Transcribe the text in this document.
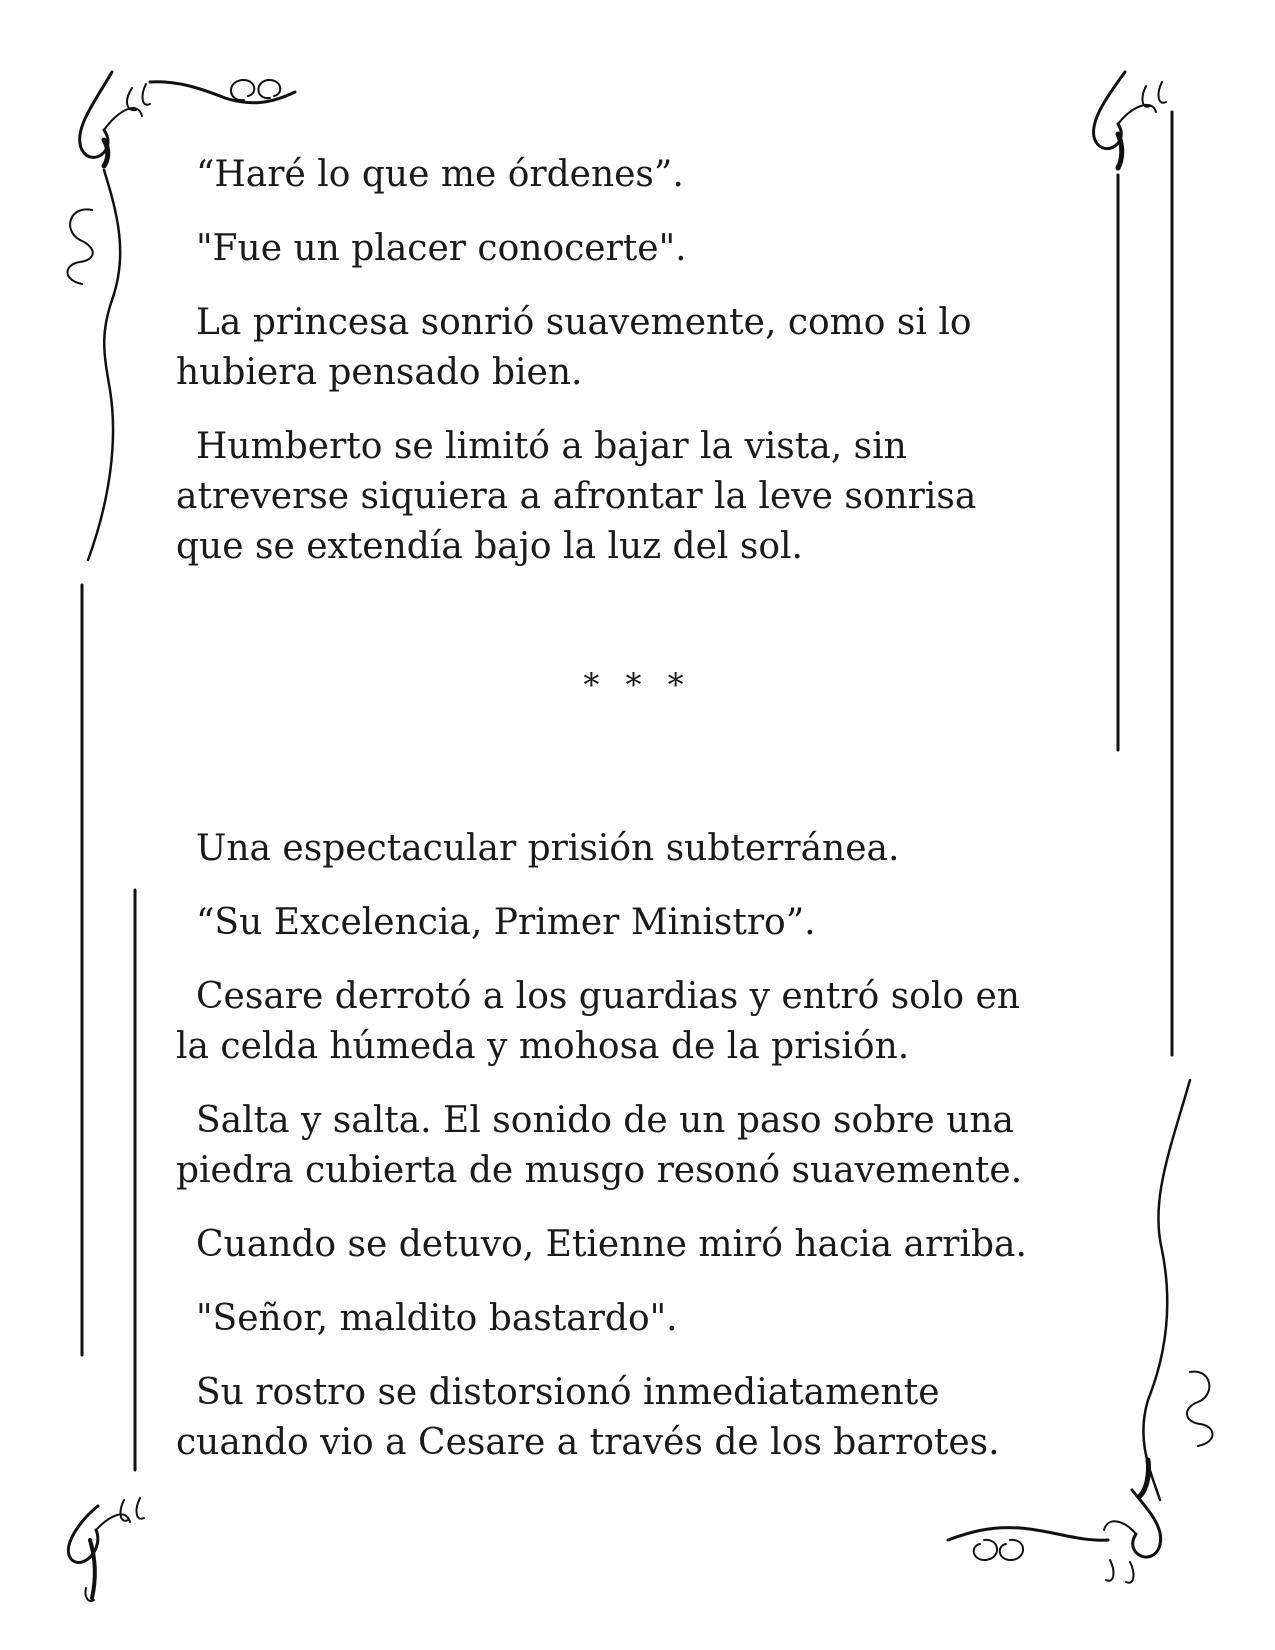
“Haré lo que me órdenes”.

"Fue un placer conocerte".

La princesa sonrió suavemente, como si lo
hubiera pensado bien.

Humberto se limitó a bajar la vista, sin
atreverse siquiera a afrontar la leve sonrisa
que se extendía bajo la luz del sol.

* * *

Una espectacular prisión subterránea.

“Su Excelencia, Primer Ministro”.

Cesare derrotó a los guardias y entró solo en
la celda húmeda y mohosa de la prisión.

Salta y salta. El sonido de un paso sobre una
piedra cubierta de musgo resonó suavemente.

Cuando se detuvo, Etienne miró hacia arriba.

"Señor, maldito bastardo".

Su rostro se distorsionó inmediatamente
cuando vio a Cesare a través de los barrotes.
